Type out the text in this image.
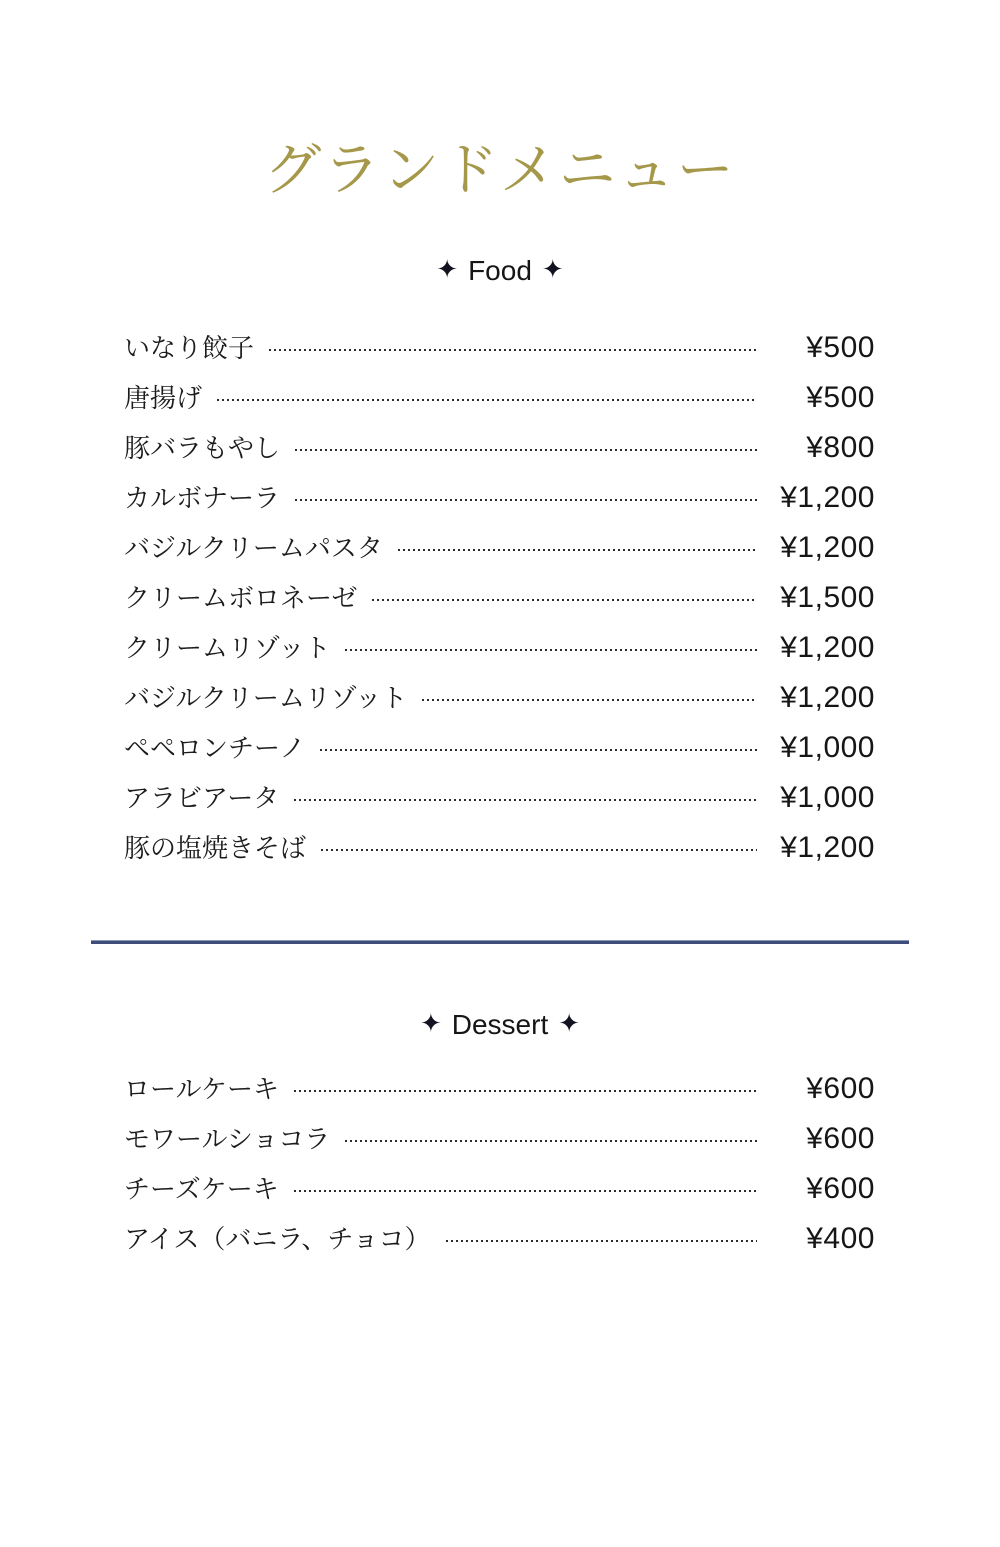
グランドメニュー
✦ Food ✦
いなり餃子	¥500
唐揚げ	¥500
豚バラもやし	¥800
カルボナーラ	¥1,200
バジルクリームパスタ	¥1,200
クリームボロネーゼ	¥1,500
クリームリゾット	¥1,200
バジルクリームリゾット	¥1,200
ペペロンチーノ	¥1,000
アラビアータ	¥1,000
豚の塩焼きそば	¥1,200
✦ Dessert ✦
ロールケーキ	¥600
モワールショコラ	¥600
チーズケーキ	¥600
アイス（バニラ、チョコ）	¥400
